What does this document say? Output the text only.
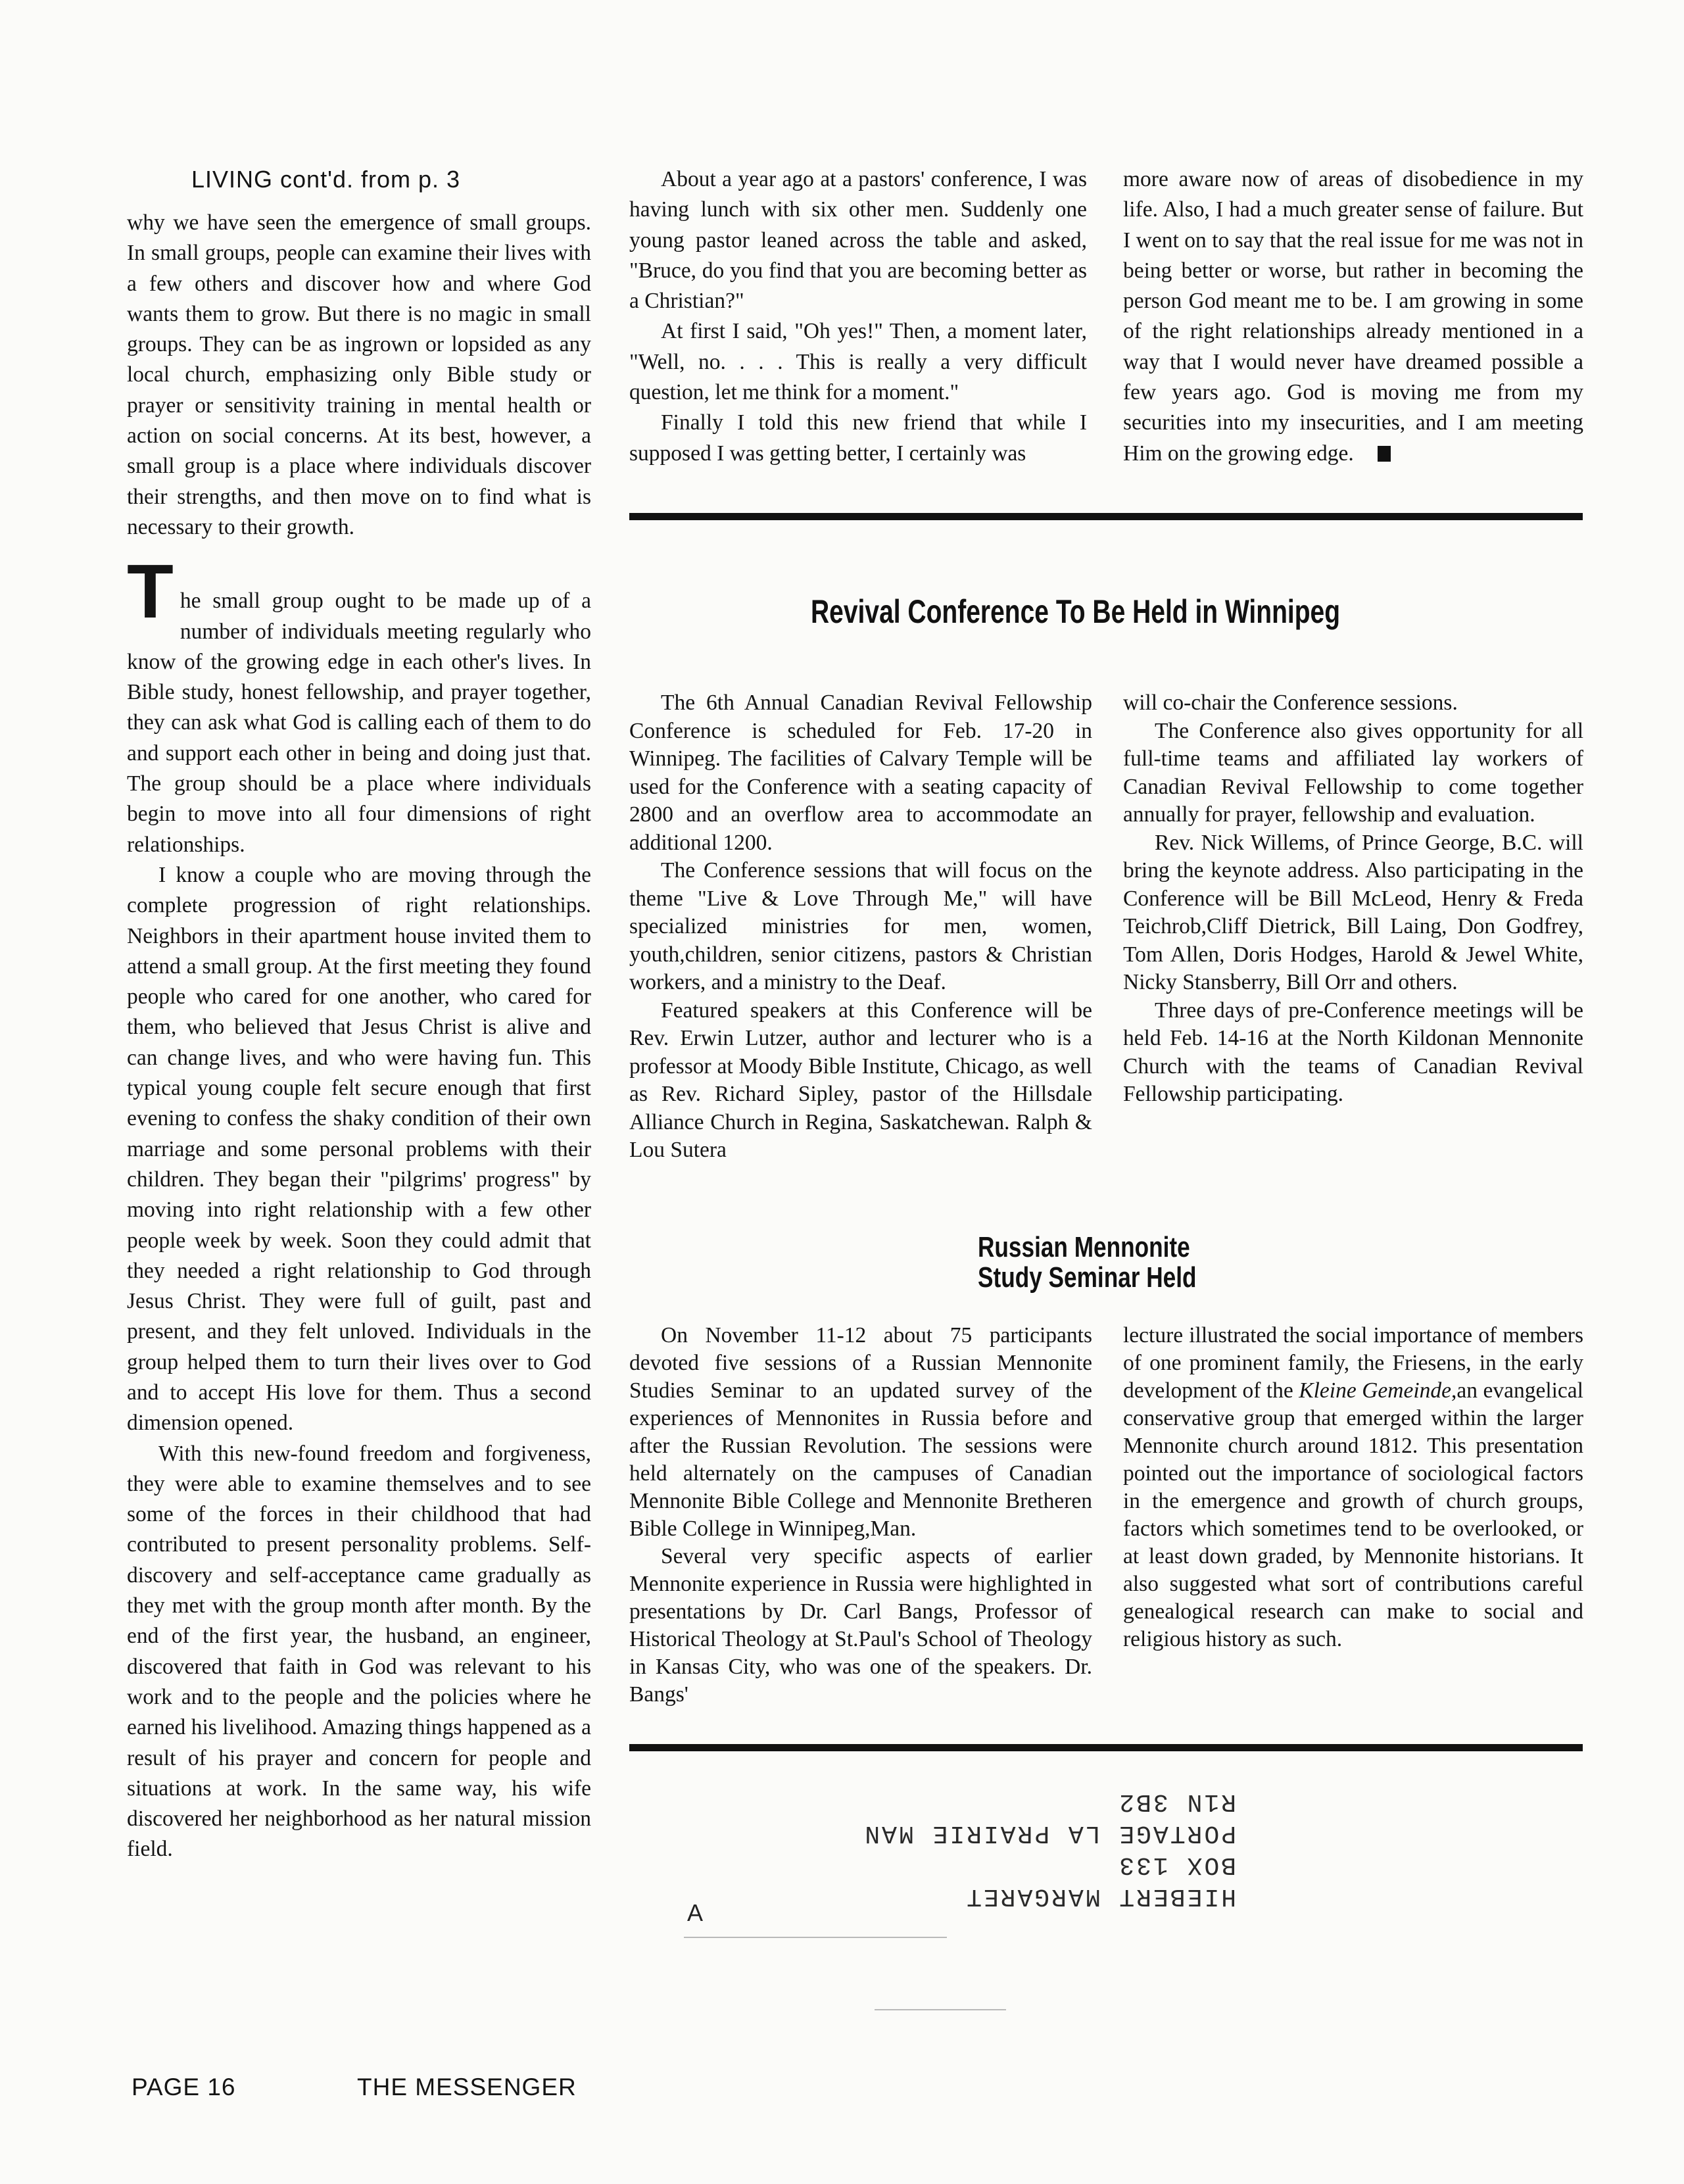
LIVING cont'd. from p. 3

why we have seen the emergence of small groups. In small groups, people can examine their lives with a few others and discover how and where God wants them to grow. But there is no magic in small groups. They can be as ingrown or lopsided as any local church, emphasizing only Bible study or prayer or sensitivity training in mental health or action on social concerns. At its best, however, a small group is a place where individuals discover their strengths, and then move on to find what is necessary to their growth.

T he small group ought to be made up of a number of individuals meeting regularly who know of the growing edge in each other's lives. In Bible study, honest fellowship, and prayer together, they can ask what God is calling each of them to do and support each other in being and doing just that. The group should be a place where individuals begin to move into all four dimensions of right relationships.

I know a couple who are moving through the complete progression of right relationships. Neighbors in their apartment house invited them to attend a small group. At the first meeting they found people who cared for one another, who cared for them, who believed that Jesus Christ is alive and can change lives, and who were having fun. This typical young couple felt secure enough that first evening to confess the shaky condition of their own marriage and some personal problems with their children. They began their "pilgrims' progress" by moving into right relationship with a few other people week by week. Soon they could admit that they needed a right relationship to God through Jesus Christ. They were full of guilt, past and present, and they felt unloved. Individuals in the group helped them to turn their lives over to God and to accept His love for them. Thus a second dimension opened.

With this new-found freedom and forgiveness, they were able to examine themselves and to see some of the forces in their childhood that had contributed to present personality problems. Self-discovery and self-acceptance came gradually as they met with the group month after month. By the end of the first year, the husband, an engineer, discovered that faith in God was relevant to his work and to the people and the policies where he earned his livelihood. Amazing things happened as a result of his prayer and concern for people and situations at work. In the same way, his wife discovered her neighborhood as her natural mission field.

About a year ago at a pastors' conference, I was having lunch with six other men. Suddenly one young pastor leaned across the table and asked, "Bruce, do you find that you are becoming better as a Christian?"

At first I said, "Oh yes!" Then, a moment later, "Well, no. . . . This is really a very difficult question, let me think for a moment."

Finally I told this new friend that while I supposed I was getting better, I certainly was

more aware now of areas of disobedience in my life. Also, I had a much greater sense of failure. But I went on to say that the real issue for me was not in being better or worse, but rather in becoming the person God meant me to be. I am growing in some of the right relationships already mentioned in a way that I would never have dreamed possible a few years ago. God is moving me from my securities into my insecurities, and I am meeting Him on the growing edge.

Revival Conference To Be Held in Winnipeg

The 6th Annual Canadian Revival Fellowship Conference is scheduled for Feb. 17-20 in Winnipeg. The facilities of Calvary Temple will be used for the Conference with a seating capacity of 2800 and an overflow area to accommodate an additional 1200.

The Conference sessions that will focus on the theme "Live & Love Through Me," will have specialized ministries for men, women, youth,children, senior citizens, pastors & Christian workers, and a ministry to the Deaf.

Featured speakers at this Conference will be Rev. Erwin Lutzer, author and lecturer who is a professor at Moody Bible Institute, Chicago, as well as Rev. Richard Sipley, pastor of the Hillsdale Alliance Church in Regina, Saskatchewan. Ralph & Lou Sutera

will co-chair the Conference sessions.

The Conference also gives opportunity for all full-time teams and affiliated lay workers of Canadian Revival Fellowship to come together annually for prayer, fellowship and evaluation.

Rev. Nick Willems, of Prince George, B.C. will bring the keynote address. Also participating in the Conference will be Bill McLeod, Henry & Freda Teichrob,Cliff Dietrick, Bill Laing, Don Godfrey, Tom Allen, Doris Hodges, Harold & Jewel White, Nicky Stansberry, Bill Orr and others.

Three days of pre-Conference meetings will be held Feb. 14-16 at the North Kildonan Mennonite Church with the teams of Canadian Revival Fellowship participating.

Russian Mennonite
Study Seminar Held

On November 11-12 about 75 participants devoted five sessions of a Russian Mennonite Studies Seminar to an updated survey of the experiences of Mennonites in Russia before and after the Russian Revolution. The sessions were held alternately on the campuses of Canadian Mennonite Bible College and Mennonite Bretheren Bible College in Winnipeg,Man.

Several very specific aspects of earlier Mennonite experience in Russia were highlighted in presentations by Dr. Carl Bangs, Professor of Historical Theology at St.Paul's School of Theology in Kansas City, who was one of the speakers. Dr. Bangs'

lecture illustrated the social importance of members of one prominent family, the Friesens, in the early development of the Kleine Gemeinde,an evangelical conservative group that emerged within the larger Mennonite church around 1812. This presentation pointed out the importance of sociological factors in the emergence and growth of church groups, factors which sometimes tend to be overlooked, or at least down graded, by Mennonite historians. It also suggested what sort of contributions careful genealogical research can make to social and religious history as such.

HIEBERT MARGARET
BOX 133
PORTAGE LA PRAIRIE MAN
R1N 3B2
A
PAGE 16	THE MESSENGER
